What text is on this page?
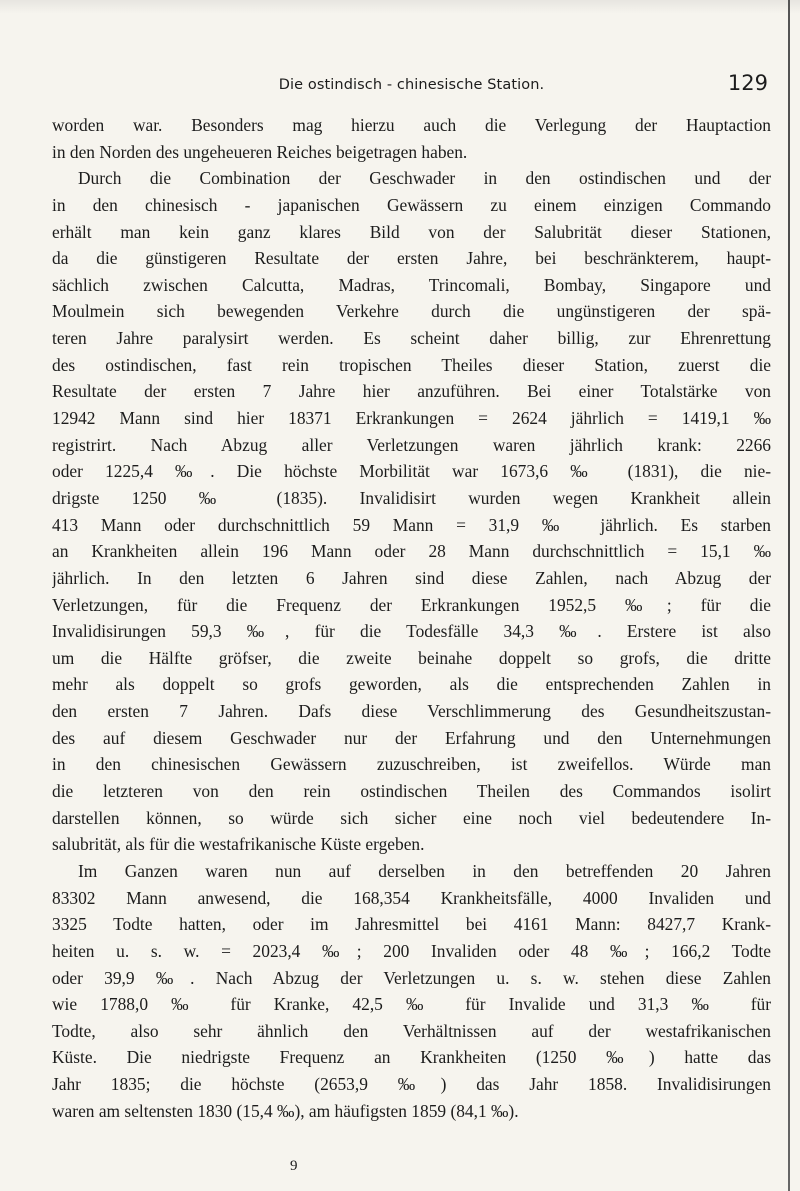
Die ostindisch - chinesische Station.	129
worden war. Besonders mag hierzu auch die Verlegung der Hauptaction
in den Norden des ungeheueren Reiches beigetragen haben.
Durch die Combination der Geschwader in den ostindischen und der
in den chinesisch - japanischen Gewässern zu einem einzigen Commando
erhält man kein ganz klares Bild von der Salubrität dieser Stationen,
da die günstigeren Resultate der ersten Jahre, bei beschränkterem, haupt-
sächlich zwischen Calcutta, Madras, Trincomali, Bombay, Singapore und
Moulmein sich bewegenden Verkehre durch die ungünstigeren der spä-
teren Jahre paralysirt werden. Es scheint daher billig, zur Ehrenrettung
des ostindischen, fast rein tropischen Theiles dieser Station, zuerst die
Resultate der ersten 7 Jahre hier anzuführen. Bei einer Totalstärke von
12942 Mann sind hier 18371 Erkrankungen = 2624 jährlich = 1419,1 ‰
registrirt. Nach Abzug aller Verletzungen waren jährlich krank: 2266
oder 1225,4 ‰. Die höchste Morbilität war 1673,6 ‰ (1831), die nie-
drigste 1250 ‰ (1835). Invalidisirt wurden wegen Krankheit allein
413 Mann oder durchschnittlich 59 Mann = 31,9 ‰ jährlich. Es starben
an Krankheiten allein 196 Mann oder 28 Mann durchschnittlich = 15,1 ‰
jährlich. In den letzten 6 Jahren sind diese Zahlen, nach Abzug der
Verletzungen, für die Frequenz der Erkrankungen 1952,5 ‰; für die
Invalidisirungen 59,3 ‰, für die Todesfälle 34,3 ‰. Erstere ist also
um die Hälfte gröfser, die zweite beinahe doppelt so grofs, die dritte
mehr als doppelt so grofs geworden, als die entsprechenden Zahlen in
den ersten 7 Jahren. Dafs diese Verschlimmerung des Gesundheitszustan-
des auf diesem Geschwader nur der Erfahrung und den Unternehmungen
in den chinesischen Gewässern zuzuschreiben, ist zweifellos. Würde man
die letzteren von den rein ostindischen Theilen des Commandos isolirt
darstellen können, so würde sich sicher eine noch viel bedeutendere In-
salubrität, als für die westafrikanische Küste ergeben.
Im Ganzen waren nun auf derselben in den betreffenden 20 Jahren
83302 Mann anwesend, die 168,354 Krankheitsfälle, 4000 Invaliden und
3325 Todte hatten, oder im Jahresmittel bei 4161 Mann: 8427,7 Krank-
heiten u. s. w. = 2023,4 ‰; 200 Invaliden oder 48 ‰; 166,2 Todte
oder 39,9 ‰. Nach Abzug der Verletzungen u. s. w. stehen diese Zahlen
wie 1788,0 ‰ für Kranke, 42,5 ‰ für Invalide und 31,3 ‰ für
Todte, also sehr ähnlich den Verhältnissen auf der westafrikanischen
Küste. Die niedrigste Frequenz an Krankheiten (1250 ‰) hatte das
Jahr 1835; die höchste (2653,9 ‰) das Jahr 1858. Invalidisirungen
waren am seltensten 1830 (15,4 ‰), am häufigsten 1859 (84,1 ‰).
9
